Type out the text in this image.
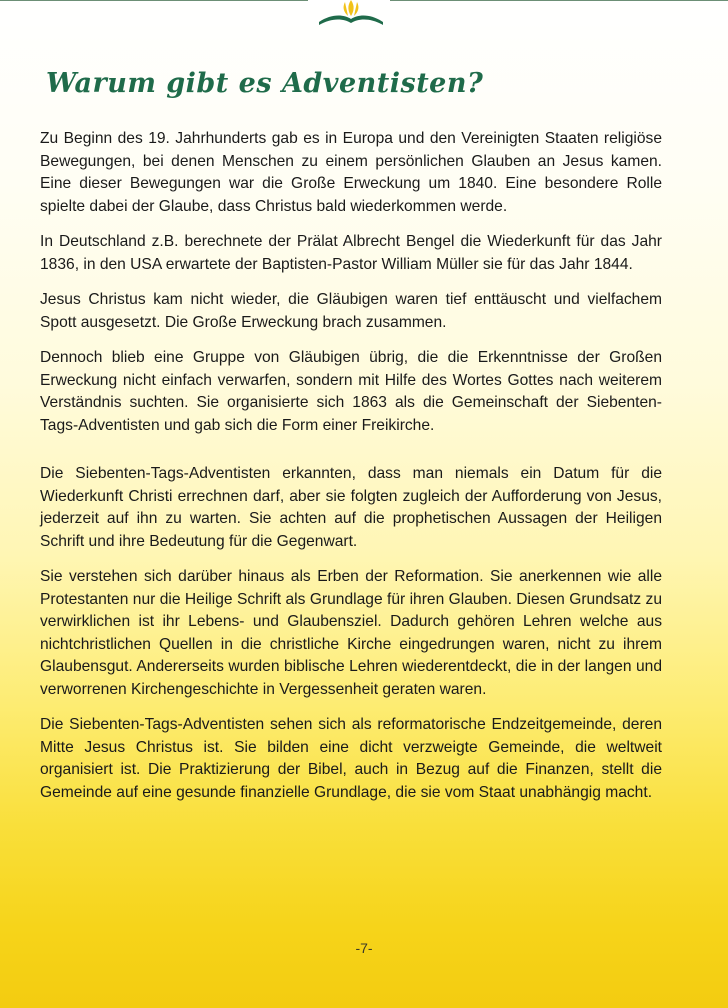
Warum gibt es Adventisten?

Zu Beginn des 19. Jahrhunderts gab es in Europa und den Vereinigten Staaten religiöse Bewegungen, bei denen Menschen zu einem persönlichen Glauben an Jesus kamen. Eine dieser Bewegungen war die Große Erweckung um 1840. Eine besondere Rolle spielte dabei der Glaube, dass Christus bald wiederkommen werde.

In Deutschland z.B. berechnete der Prälat Albrecht Bengel die Wiederkunft für das Jahr 1836, in den USA erwartete der Baptisten-Pastor William Müller sie für das Jahr 1844.

Jesus Christus kam nicht wieder, die Gläubigen waren tief enttäuscht und vielfachem Spott ausgesetzt. Die Große Erweckung brach zusammen.

Dennoch blieb eine Gruppe von Gläubigen übrig, die die Erkenntnisse der Großen Erweckung nicht einfach verwarfen, sondern mit Hilfe des Wortes Gottes nach weiterem Verständnis suchten. Sie organisierte sich 1863 als die Gemeinschaft der Siebenten-Tags-Adventisten und gab sich die Form einer Freikirche.

Die Siebenten-Tags-Adventisten erkannten, dass man niemals ein Datum für die Wiederkunft Christi errechnen darf, aber sie folgten zugleich der Aufforderung von Jesus, jederzeit auf ihn zu warten. Sie achten auf die prophetischen Aussagen der Heiligen Schrift und ihre Bedeutung für die Gegenwart.

Sie verstehen sich darüber hinaus als Erben der Reformation. Sie anerkennen wie alle Protestanten nur die Heilige Schrift als Grundlage für ihren Glauben. Diesen Grundsatz zu verwirklichen ist ihr Lebens- und Glaubensziel. Dadurch gehören Lehren welche aus nichtchristlichen Quellen in die christliche Kirche eingedrungen waren, nicht zu ihrem Glaubensgut. Andererseits wurden biblische Lehren wiederentdeckt, die in der langen und verworrenen Kirchengeschichte in Vergessenheit geraten waren.

Die Siebenten-Tags-Adventisten sehen sich als reformatorische Endzeitgemeinde, deren Mitte Jesus Christus ist. Sie bilden eine dicht verzweigte Gemeinde, die weltweit organisiert ist. Die Praktizierung der Bibel, auch in Bezug auf die Finanzen, stellt die Gemeinde auf eine gesunde finanzielle Grundlage, die sie vom Staat unabhängig macht.

-7-
